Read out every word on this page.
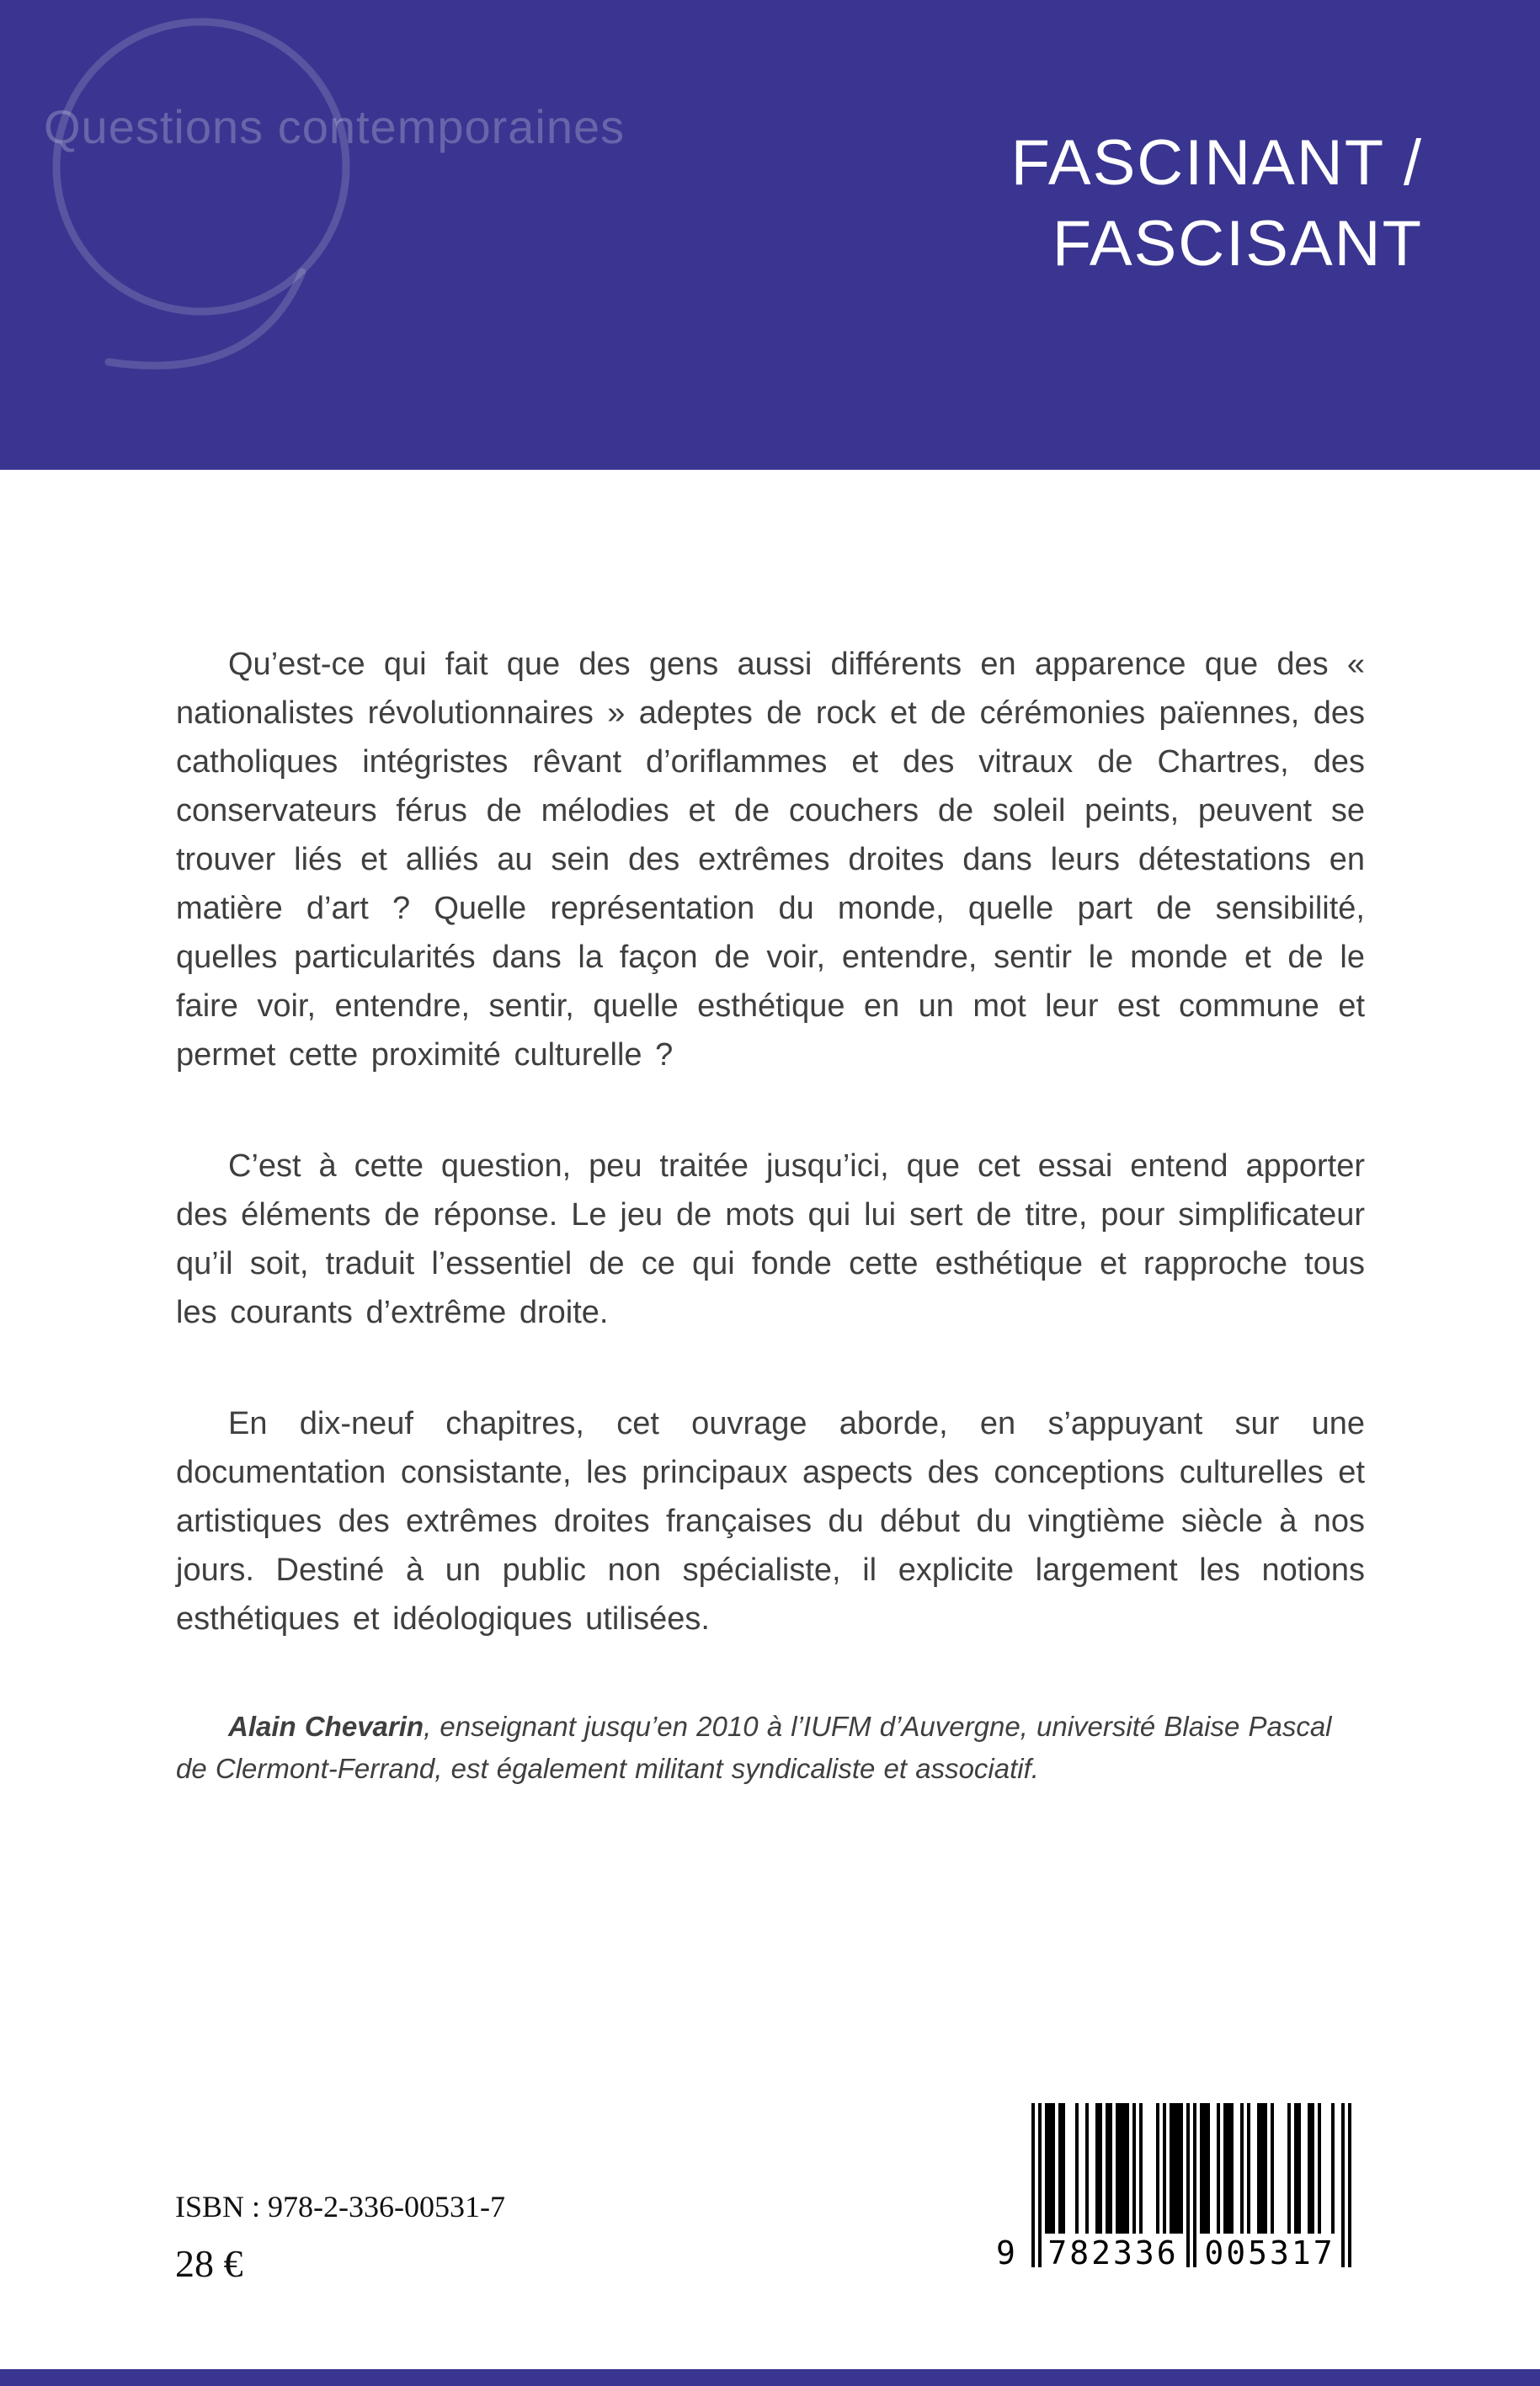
Questions contemporaines
FASCINANT /
FASCISANT

Qu’est-ce qui fait que des gens aussi différents en apparence que des « nationalistes révolutionnaires » adeptes de rock et de cérémonies païennes, des catholiques intégristes rêvant d’oriflammes et des vitraux de Chartres, des conservateurs férus de mélodies et de couchers de soleil peints, peuvent se trouver liés et alliés au sein des extrêmes droites dans leurs détestations en matière d’art ? Quelle représentation du monde, quelle part de sensibilité, quelles particularités dans la façon de voir, entendre, sentir le monde et de le faire voir, entendre, sentir, quelle esthétique en un mot leur est commune et permet cette proximité culturelle ?

C’est à cette question, peu traitée jusqu’ici, que cet essai entend apporter des éléments de réponse. Le jeu de mots qui lui sert de titre, pour simplificateur qu’il soit, traduit l’essentiel de ce qui fonde cette esthétique et rapproche tous les courants d’extrême droite.

En dix-neuf chapitres, cet ouvrage aborde, en s’appuyant sur une documentation consistante, les principaux aspects des conceptions culturelles et artistiques des extrêmes droites françaises du début du vingtième siècle à nos jours. Destiné à un public non spécialiste, il explicite largement les notions esthétiques et idéologiques utilisées.

Alain Chevarin, enseignant jusqu’en 2010 à l’IUFM d’Auvergne, université Blaise Pascal de Clermont-Ferrand, est également militant syndicaliste et associatif.

ISBN : 978-2-336-00531-7
28 €	9 782336 005317
